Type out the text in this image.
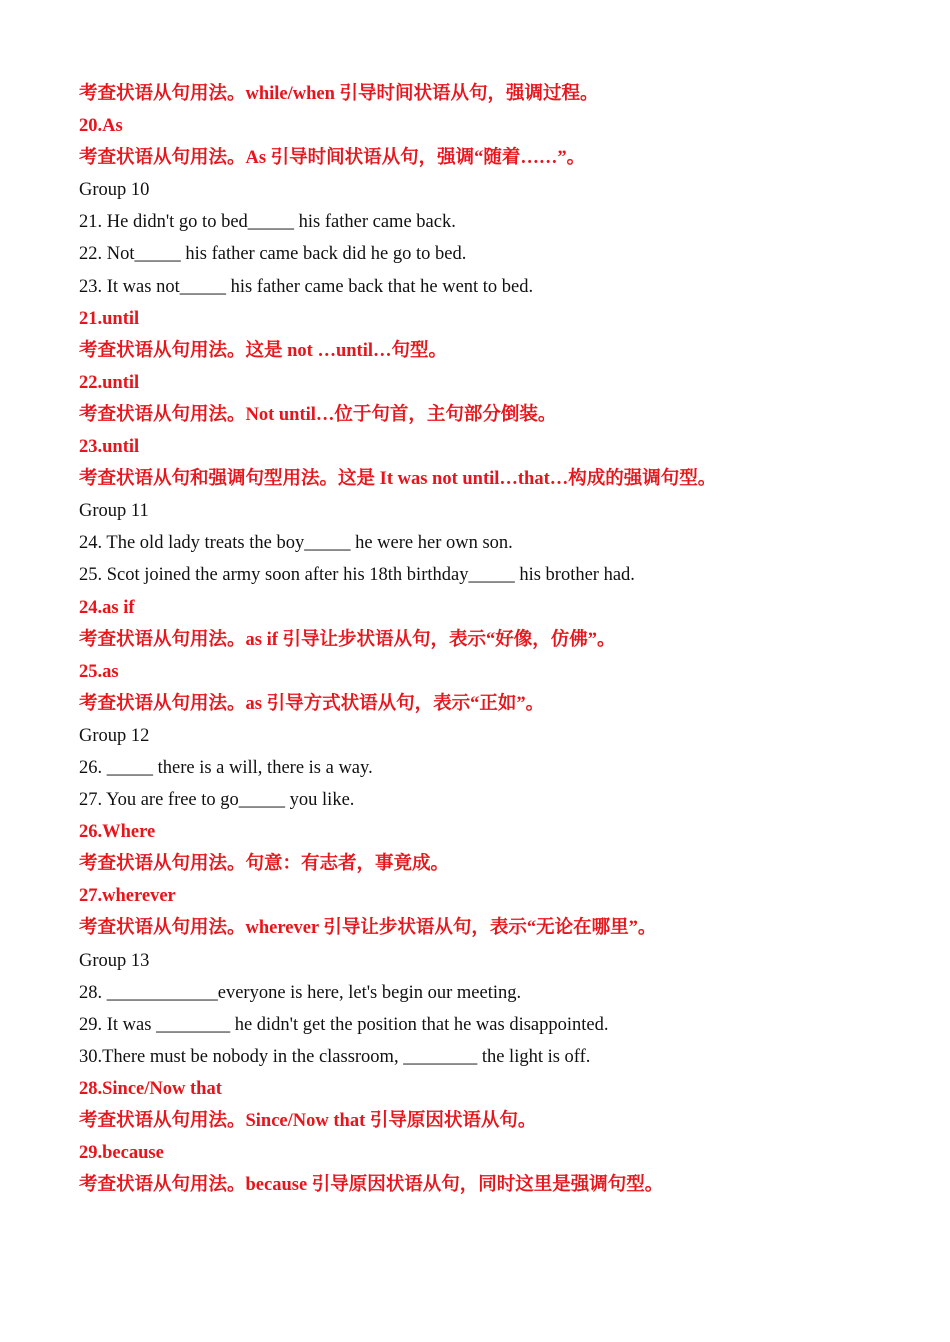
考查状语从句用法。while/when 引导时间状语从句，强调过程。
20.As
考查状语从句用法。As 引导时间状语从句，强调“随着……”。
Group 10
21. He didn't go to bed_____ his father came back.
22. Not_____ his father came back did he go to bed.
23. It was not_____ his father came back that he went to bed.
21.until
考查状语从句用法。这是 not …until…句型。
22.until
考查状语从句用法。Not until…位于句首，主句部分倒装。
23.until
考查状语从句和强调句型用法。这是 It was not until…that…构成的强调句型。
Group 11
24. The old lady treats the boy_____ he were her own son.
25. Scot joined the army soon after his 18th birthday_____ his brother had.
24.as if
考查状语从句用法。as if 引导让步状语从句，表示“好像，仿佛”。
25.as
考查状语从句用法。as 引导方式状语从句，表示“正如”。
Group 12
26. _____ there is a will, there is a way.
27. You are free to go_____ you like.
26.Where
考查状语从句用法。句意：有志者，事竟成。
27.wherever
考查状语从句用法。wherever 引导让步状语从句，表示“无论在哪里”。
Group 13
28. ____________everyone is here, let's begin our meeting.
29. It was ________ he didn't get the position that he was disappointed.
30.There must be nobody in the classroom, ________ the light is off.
28.Since/Now that
考查状语从句用法。Since/Now that 引导原因状语从句。
29.because
考查状语从句用法。because 引导原因状语从句，同时这里是强调句型。
